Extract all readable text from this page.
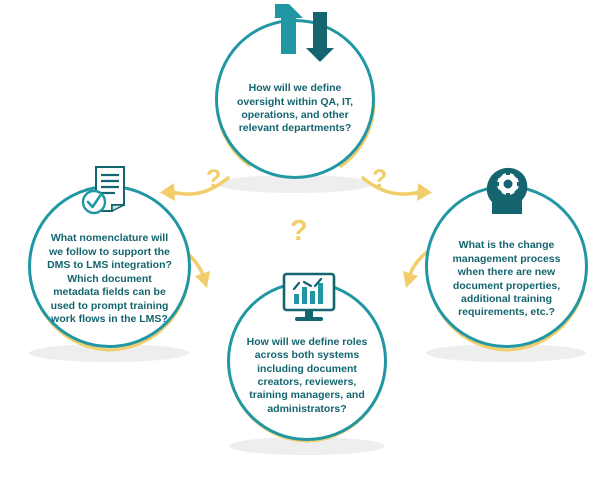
How will we define oversight within QA, IT, operations, and other relevant departments?
What nomenclature will we follow to support the DMS to LMS integration? Which document metadata fields can be used to prompt training work flows in the LMS?
What is the change management process when there are new document properties, additional training requirements, etc.?
How will we define roles across both systems including document creators, reviewers, training managers, and administrators?
?	?
?
